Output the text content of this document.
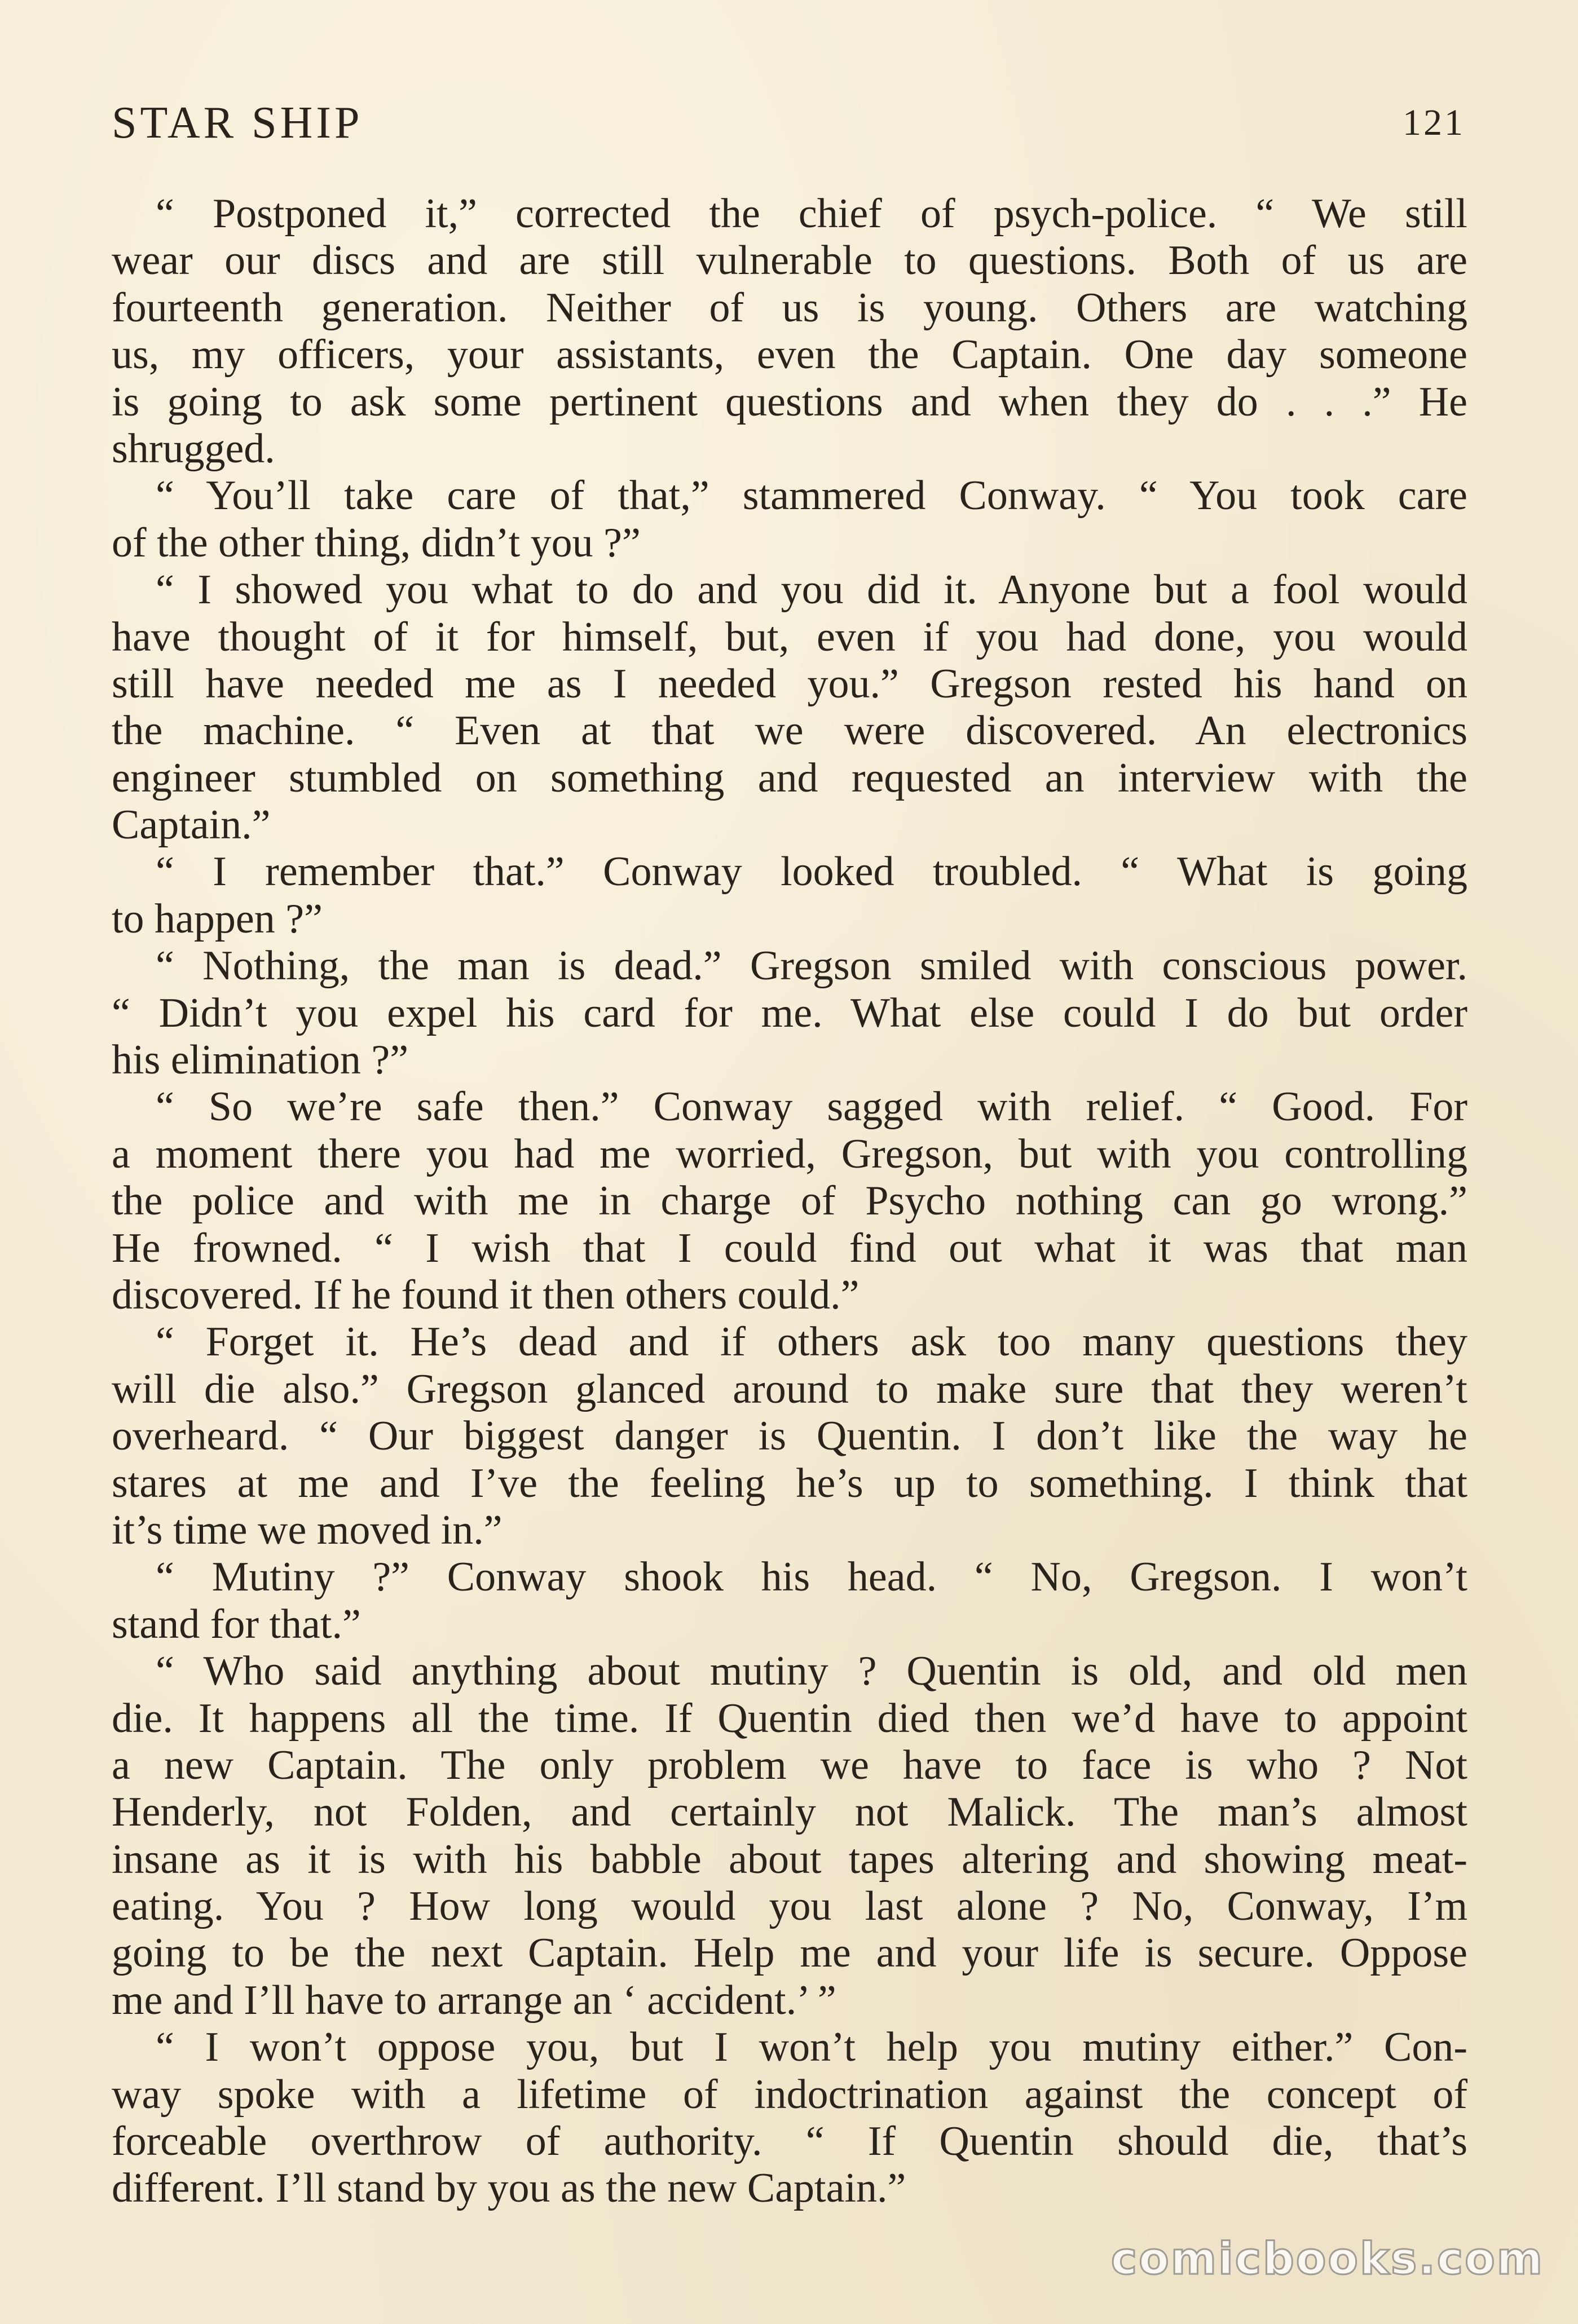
STAR SHIP	121
“ Postponed it,” corrected the chief of psych-police. “ We still
wear our discs and are still vulnerable to questions. Both of us are
fourteenth generation. Neither of us is young. Others are watching
us, my officers, your assistants, even the Captain. One day someone
is going to ask some pertinent questions and when they do . . .” He
shrugged.
“ You’ll take care of that,” stammered Conway. “ You took care
of the other thing, didn’t you ?”
“ I showed you what to do and you did it. Anyone but a fool would
have thought of it for himself, but, even if you had done, you would
still have needed me as I needed you.” Gregson rested his hand on
the machine. “ Even at that we were discovered. An electronics
engineer stumbled on something and requested an interview with the
Captain.”
“ I remember that.” Conway looked troubled. “ What is going
to happen ?”
“ Nothing, the man is dead.” Gregson smiled with conscious power.
“ Didn’t you expel his card for me. What else could I do but order
his elimination ?”
“ So we’re safe then.” Conway sagged with relief. “ Good. For
a moment there you had me worried, Gregson, but with you controlling
the police and with me in charge of Psycho nothing can go wrong.”
He frowned. “ I wish that I could find out what it was that man
discovered. If he found it then others could.”
“ Forget it. He’s dead and if others ask too many questions they
will die also.” Gregson glanced around to make sure that they weren’t
overheard. “ Our biggest danger is Quentin. I don’t like the way he
stares at me and I’ve the feeling he’s up to something. I think that
it’s time we moved in.”
“ Mutiny ?” Conway shook his head. “ No, Gregson. I won’t
stand for that.”
“ Who said anything about mutiny ? Quentin is old, and old men
die. It happens all the time. If Quentin died then we’d have to appoint
a new Captain. The only problem we have to face is who ? Not
Henderly, not Folden, and certainly not Malick. The man’s almost
insane as it is with his babble about tapes altering and showing meat-
eating. You ? How long would you last alone ? No, Conway, I’m
going to be the next Captain. Help me and your life is secure. Oppose
me and I’ll have to arrange an ‘ accident.’ ”
“ I won’t oppose you, but I won’t help you mutiny either.” Con-
way spoke with a lifetime of indoctrination against the concept of
forceable overthrow of authority. “ If Quentin should die, that’s
different. I’ll stand by you as the new Captain.”
comicbooks.com
